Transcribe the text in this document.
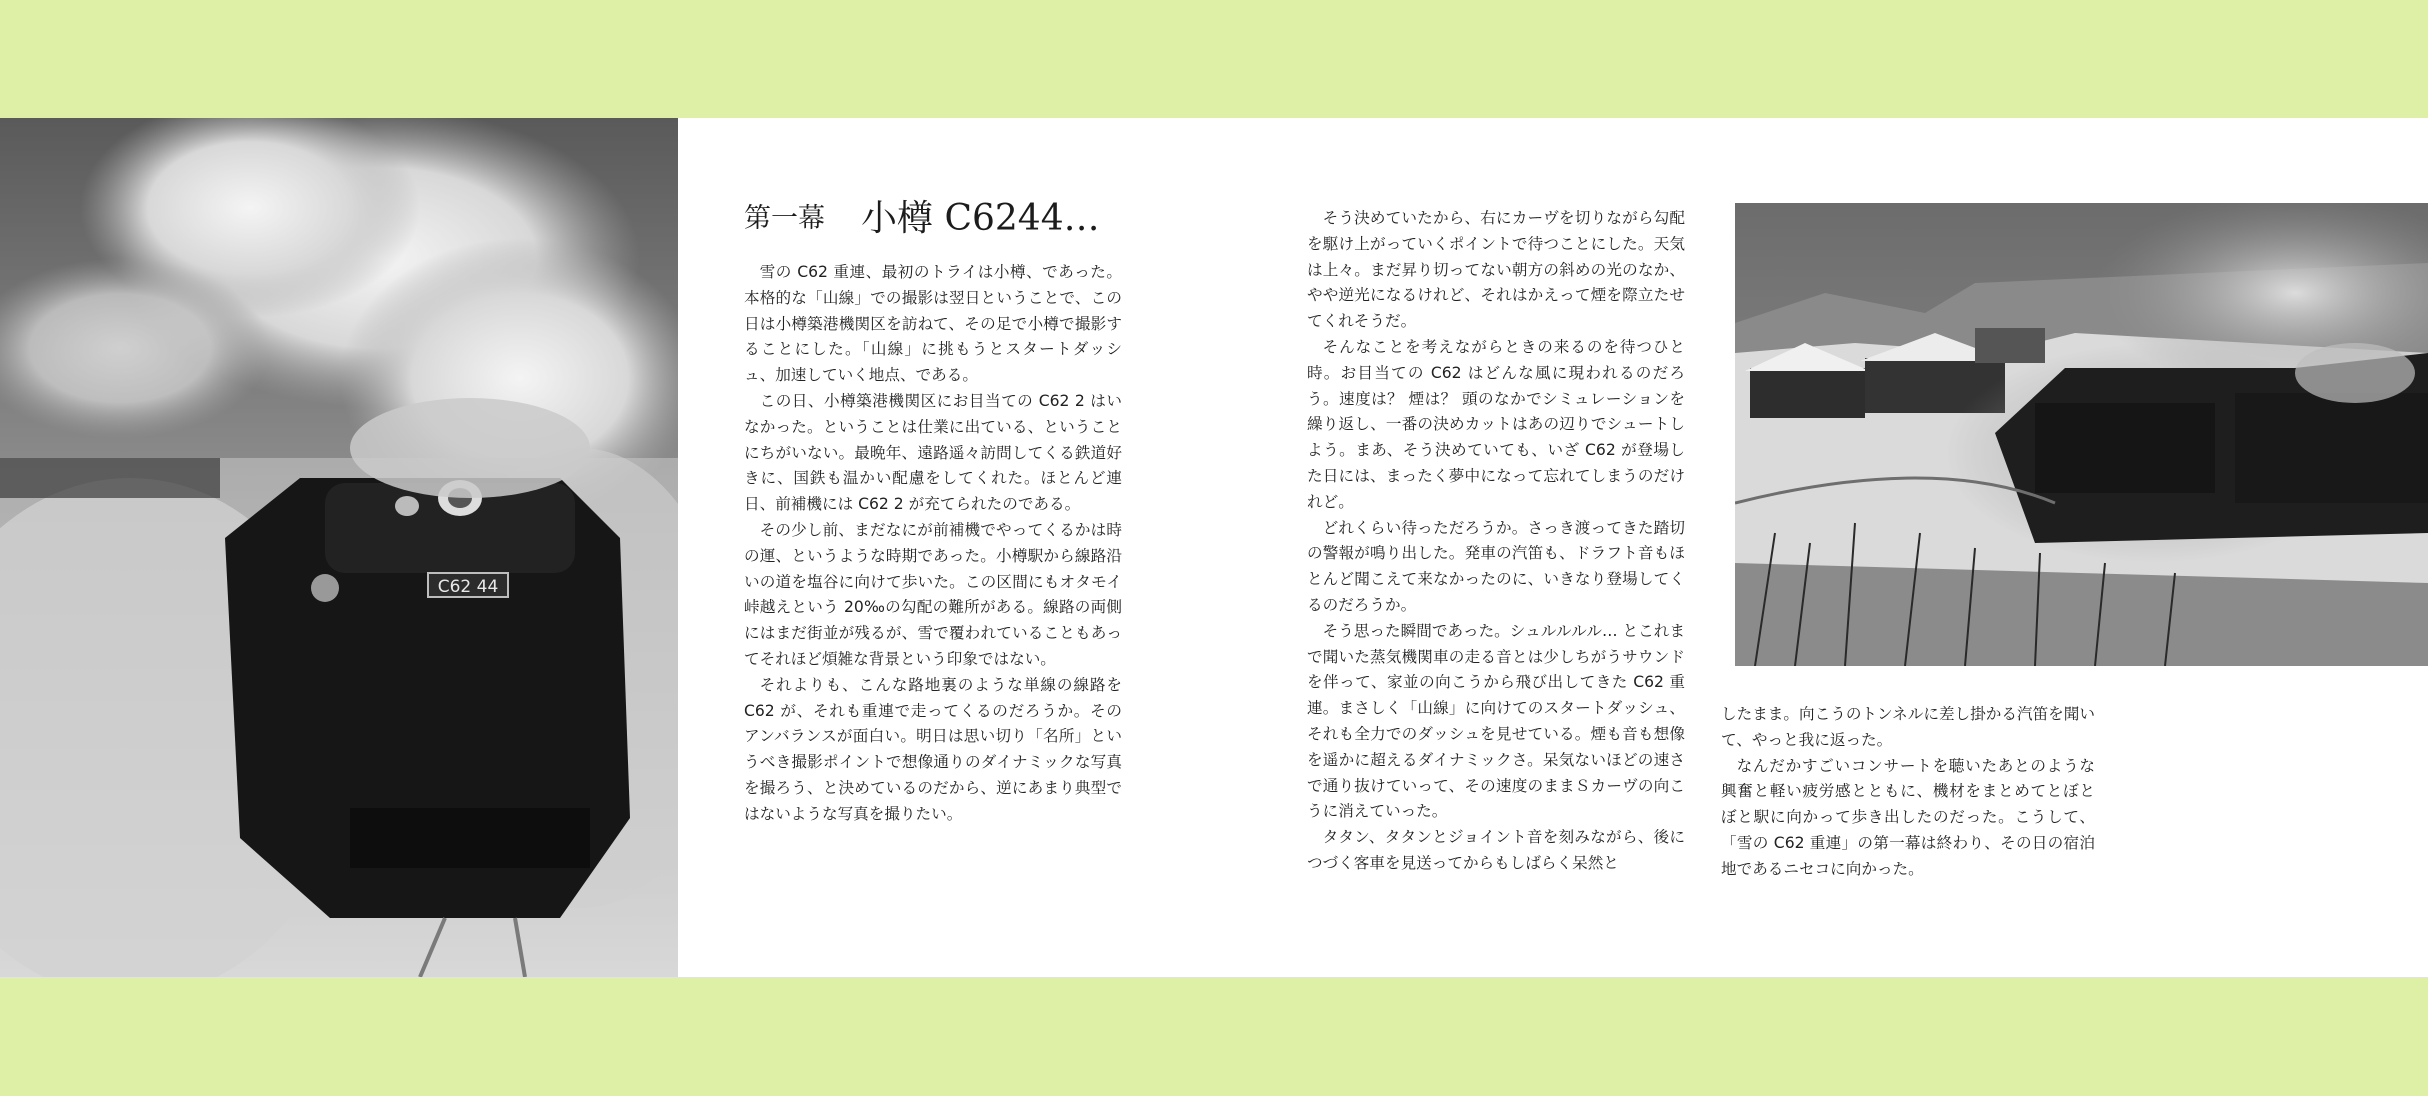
C62 44
第一幕 小樽 C6244…

雪の C62 重連、最初のトライは小樽、であった。本格的な「山線」での撮影は翌日ということで、この日は小樽築港機関区を訪ねて、その足で小樽で撮影することにした。「山線」に挑もうとスタートダッシュ、加速していく地点、である。

この日、小樽築港機関区にお目当ての C62 2 はいなかった。ということは仕業に出ている、ということにちがいない。最晩年、遠路遥々訪問してくる鉄道好きに、国鉄も温かい配慮をしてくれた。ほとんど連日、前補機には C62 2 が充てられたのである。

その少し前、まだなにが前補機でやってくるかは時の運、というような時期であった。小樽駅から線路沿いの道を塩谷に向けて歩いた。この区間にもオタモイ峠越えという 20‰の勾配の難所がある。線路の両側にはまだ街並が残るが、雪で覆われていることもあってそれほど煩雑な背景という印象ではない。

それよりも、こんな路地裏のような単線の線路を C62 が、それも重連で走ってくるのだろうか。そのアンバランスが面白い。明日は思い切り「名所」というべき撮影ポイントで想像通りのダイナミックな写真を撮ろう、と決めているのだから、逆にあまり典型ではないような写真を撮りたい。

そう決めていたから、右にカーヴを切りながら勾配を駆け上がっていくポイントで待つことにした。天気は上々。まだ昇り切ってない朝方の斜めの光のなか、やや逆光になるけれど、それはかえって煙を際立たせてくれそうだ。

そんなことを考えながらときの来るのを待つひと時。お目当ての C62 はどんな風に現われるのだろう。速度は？ 煙は？ 頭のなかでシミュレーションを繰り返し、一番の決めカットはあの辺りでシュートしよう。まあ、そう決めていても、いざ C62 が登場した日には、まったく夢中になって忘れてしまうのだけれど。

どれくらい待っただろうか。さっき渡ってきた踏切の警報が鳴り出した。発車の汽笛も、ドラフト音もほとんど聞こえて来なかったのに、いきなり登場してくるのだろうか。

そう思った瞬間であった。シュルルルル… とこれまで聞いた蒸気機関車の走る音とは少しちがうサウンドを伴って、家並の向こうから飛び出してきた C62 重連。まさしく「山線」に向けてのスタートダッシュ、それも全力でのダッシュを見せている。煙も音も想像を遥かに超えるダイナミックさ。呆気ないほどの速さで通り抜けていって、その速度のままＳカーヴの向こうに消えていった。

タタン、タタンとジョイント音を刻みながら、後につづく客車を見送ってからもしばらく呆然と

したまま。向こうのトンネルに差し掛かる汽笛を聞いて、やっと我に返った。

なんだかすごいコンサートを聴いたあとのような興奮と軽い疲労感とともに、機材をまとめてとぼとぼと駅に向かって歩き出したのだった。こうして、「雪の C62 重連」の第一幕は終わり、その日の宿泊地であるニセコに向かった。
